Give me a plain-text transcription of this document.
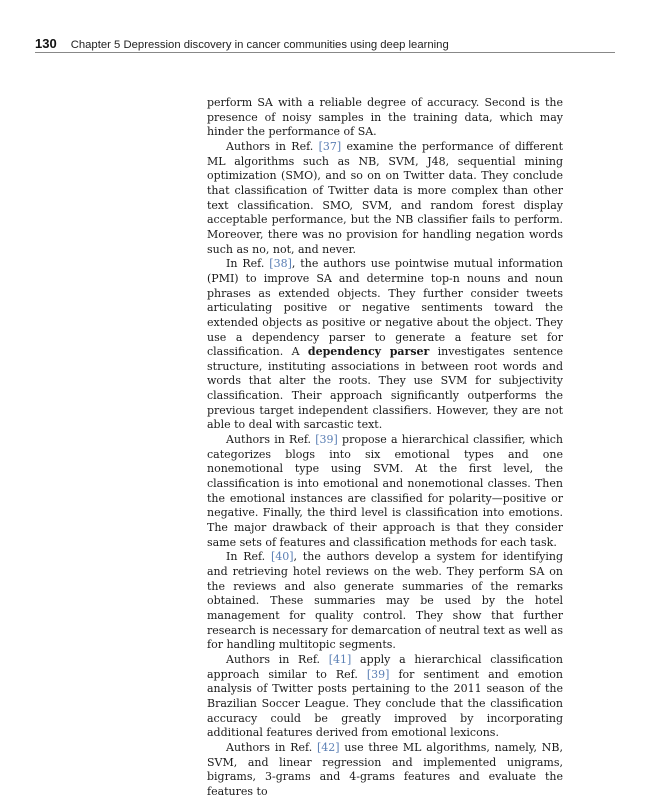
130 Chapter 5
Depression discovery in cancer communities using deep learning

perform SA with a reliable degree of accuracy. Second is the presence of noisy samples in the training data, which may hinder the performance of SA.

Authors in Ref. [37] examine the performance of different ML algorithms such as NB, SVM, J48, sequential mining optimization (SMO), and so on on Twitter data. They conclude that classification of Twitter data is more complex than other text classification. SMO, SVM, and random forest display acceptable performance, but the NB classifier fails to perform. Moreover, there was no provision for handling negation words such as no, not, and never.

In Ref. [38], the authors use pointwise mutual information (PMI) to improve SA and determine top-n nouns and noun phrases as extended objects. They further consider tweets articulating positive or negative sentiments toward the extended objects as positive or negative about the object. They use a dependency parser to generate a feature set for classification. A dependency parser investigates sentence structure, instituting associations in between root words and words that alter the roots. They use SVM for subjectivity classification. Their approach significantly outperforms the previous target independent classifiers. However, they are not able to deal with sarcastic text.

Authors in Ref. [39] propose a hierarchical classifier, which categorizes blogs into six emotional types and one nonemotional type using SVM. At the first level, the classification is into emotional and nonemotional classes. Then the emotional instances are classified for polarity—positive or negative. Finally, the third level is classification into emotions. The major drawback of their approach is that they consider same sets of features and classification methods for each task.

In Ref. [40], the authors develop a system for identifying and retrieving hotel reviews on the web. They perform SA on the reviews and also generate summaries of the remarks obtained. These summaries may be used by the hotel management for quality control. They show that further research is necessary for demarcation of neutral text as well as for handling multitopic segments.

Authors in Ref. [41] apply a hierarchical classification approach similar to Ref. [39] for sentiment and emotion analysis of Twitter posts pertaining to the 2011 season of the Brazilian Soccer League. They conclude that the classification accuracy could be greatly improved by incorporating additional features derived from emotional lexicons.

Authors in Ref. [42] use three ML algorithms, namely, NB, SVM, and linear regression and implemented unigrams, bigrams, 3-grams and 4-grams features and evaluate the features to
